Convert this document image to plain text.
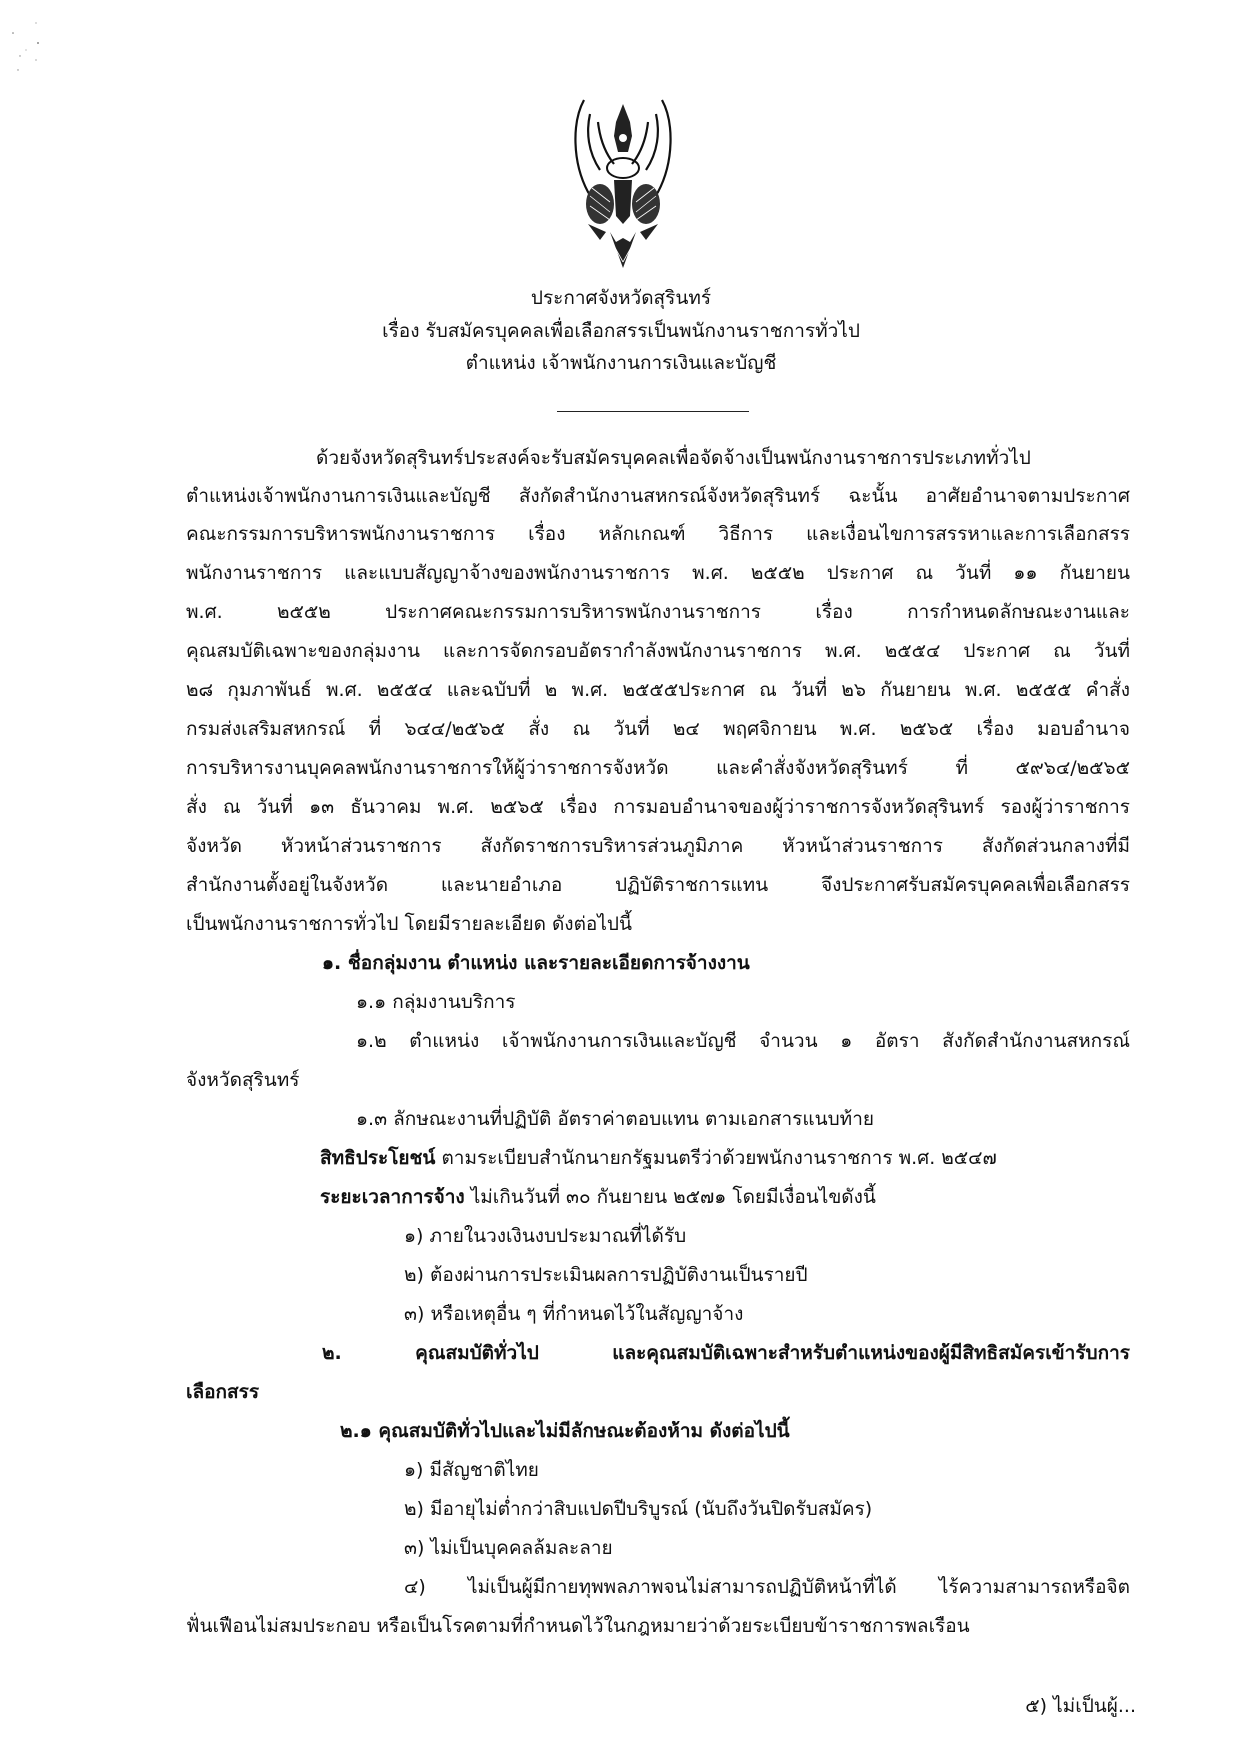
ประกาศจังหวัดสุรินทร์
เรื่อง รับสมัครบุคคลเพื่อเลือกสรรเป็นพนักงานราชการทั่วไป
ตำแหน่ง เจ้าพนักงานการเงินและบัญชี
ด้วยจังหวัดสุรินทร์ประสงค์จะรับสมัครบุคคลเพื่อจัดจ้างเป็นพนักงานราชการประเภททั่วไป
ตำแหน่งเจ้าพนักงานการเงินและบัญชี สังกัดสำนักงานสหกรณ์จังหวัดสุรินทร์ ฉะนั้น อาศัยอำนาจตามประกาศ
คณะกรรมการบริหารพนักงานราชการ เรื่อง หลักเกณฑ์ วิธีการ และเงื่อนไขการสรรหาและการเลือกสรร
พนักงานราชการ และแบบสัญญาจ้างของพนักงานราชการ พ.ศ. ๒๕๕๒ ประกาศ ณ วันที่ ๑๑ กันยายน
พ.ศ. ๒๕๕๒ ประกาศคณะกรรมการบริหารพนักงานราชการ เรื่อง การกำหนดลักษณะงานและ
คุณสมบัติเฉพาะของกลุ่มงาน และการจัดกรอบอัตรากำลังพนักงานราชการ พ.ศ. ๒๕๕๔ ประกาศ ณ วันที่
๒๘ กุมภาพันธ์ พ.ศ. ๒๕๕๔ และฉบับที่ ๒ พ.ศ. ๒๕๕๕ประกาศ ณ วันที่ ๒๖ กันยายน พ.ศ. ๒๕๕๕ คำสั่ง
กรมส่งเสริมสหกรณ์ ที่ ๖๔๔/๒๕๖๕ สั่ง ณ วันที่ ๒๔ พฤศจิกายน พ.ศ. ๒๕๖๕ เรื่อง มอบอำนาจ
การบริหารงานบุคคลพนักงานราชการให้ผู้ว่าราชการจังหวัด และคำสั่งจังหวัดสุรินทร์ ที่ ๕๙๖๔/๒๕๖๕
สั่ง ณ วันที่ ๑๓ ธันวาคม พ.ศ. ๒๕๖๕ เรื่อง การมอบอำนาจของผู้ว่าราชการจังหวัดสุรินทร์ รองผู้ว่าราชการ
จังหวัด หัวหน้าส่วนราชการ สังกัดราชการบริหารส่วนภูมิภาค หัวหน้าส่วนราชการ สังกัดส่วนกลางที่มี
สำนักงานตั้งอยู่ในจังหวัด และนายอำเภอ ปฏิบัติราชการแทน จึงประกาศรับสมัครบุคคลเพื่อเลือกสรร
เป็นพนักงานราชการทั่วไป โดยมีรายละเอียด ดังต่อไปนี้
๑. ชื่อกลุ่มงาน ตำแหน่ง และรายละเอียดการจ้างงาน
๑.๑ กลุ่มงานบริการ
๑.๒ ตำแหน่ง เจ้าพนักงานการเงินและบัญชี จำนวน ๑ อัตรา สังกัดสำนักงานสหกรณ์
จังหวัดสุรินทร์
๑.๓ ลักษณะงานที่ปฏิบัติ อัตราค่าตอบแทน ตามเอกสารแนบท้าย
สิทธิประโยชน์ ตามระเบียบสำนักนายกรัฐมนตรีว่าด้วยพนักงานราชการ พ.ศ. ๒๕๔๗
ระยะเวลาการจ้าง ไม่เกินวันที่ ๓๐ กันยายน ๒๕๗๑ โดยมีเงื่อนไขดังนี้
๑) ภายในวงเงินงบประมาณที่ได้รับ
๒) ต้องผ่านการประเมินผลการปฏิบัติงานเป็นรายปี
๓) หรือเหตุอื่น ๆ ที่กำหนดไว้ในสัญญาจ้าง
๒. คุณสมบัติทั่วไป และคุณสมบัติเฉพาะสำหรับตำแหน่งของผู้มีสิทธิสมัครเข้ารับการ
เลือกสรร
๒.๑ คุณสมบัติทั่วไปและไม่มีลักษณะต้องห้าม ดังต่อไปนี้
๑) มีสัญชาติไทย
๒) มีอายุไม่ต่ำกว่าสิบแปดปีบริบูรณ์ (นับถึงวันปิดรับสมัคร)
๓) ไม่เป็นบุคคลล้มละลาย
๔) ไม่เป็นผู้มีกายทุพพลภาพจนไม่สามารถปฏิบัติหน้าที่ได้ ไร้ความสามารถหรือจิต
ฟั่นเฟือนไม่สมประกอบ หรือเป็นโรคตามที่กำหนดไว้ในกฎหมายว่าด้วยระเบียบข้าราชการพลเรือน
๕) ไม่เป็นผู้...
